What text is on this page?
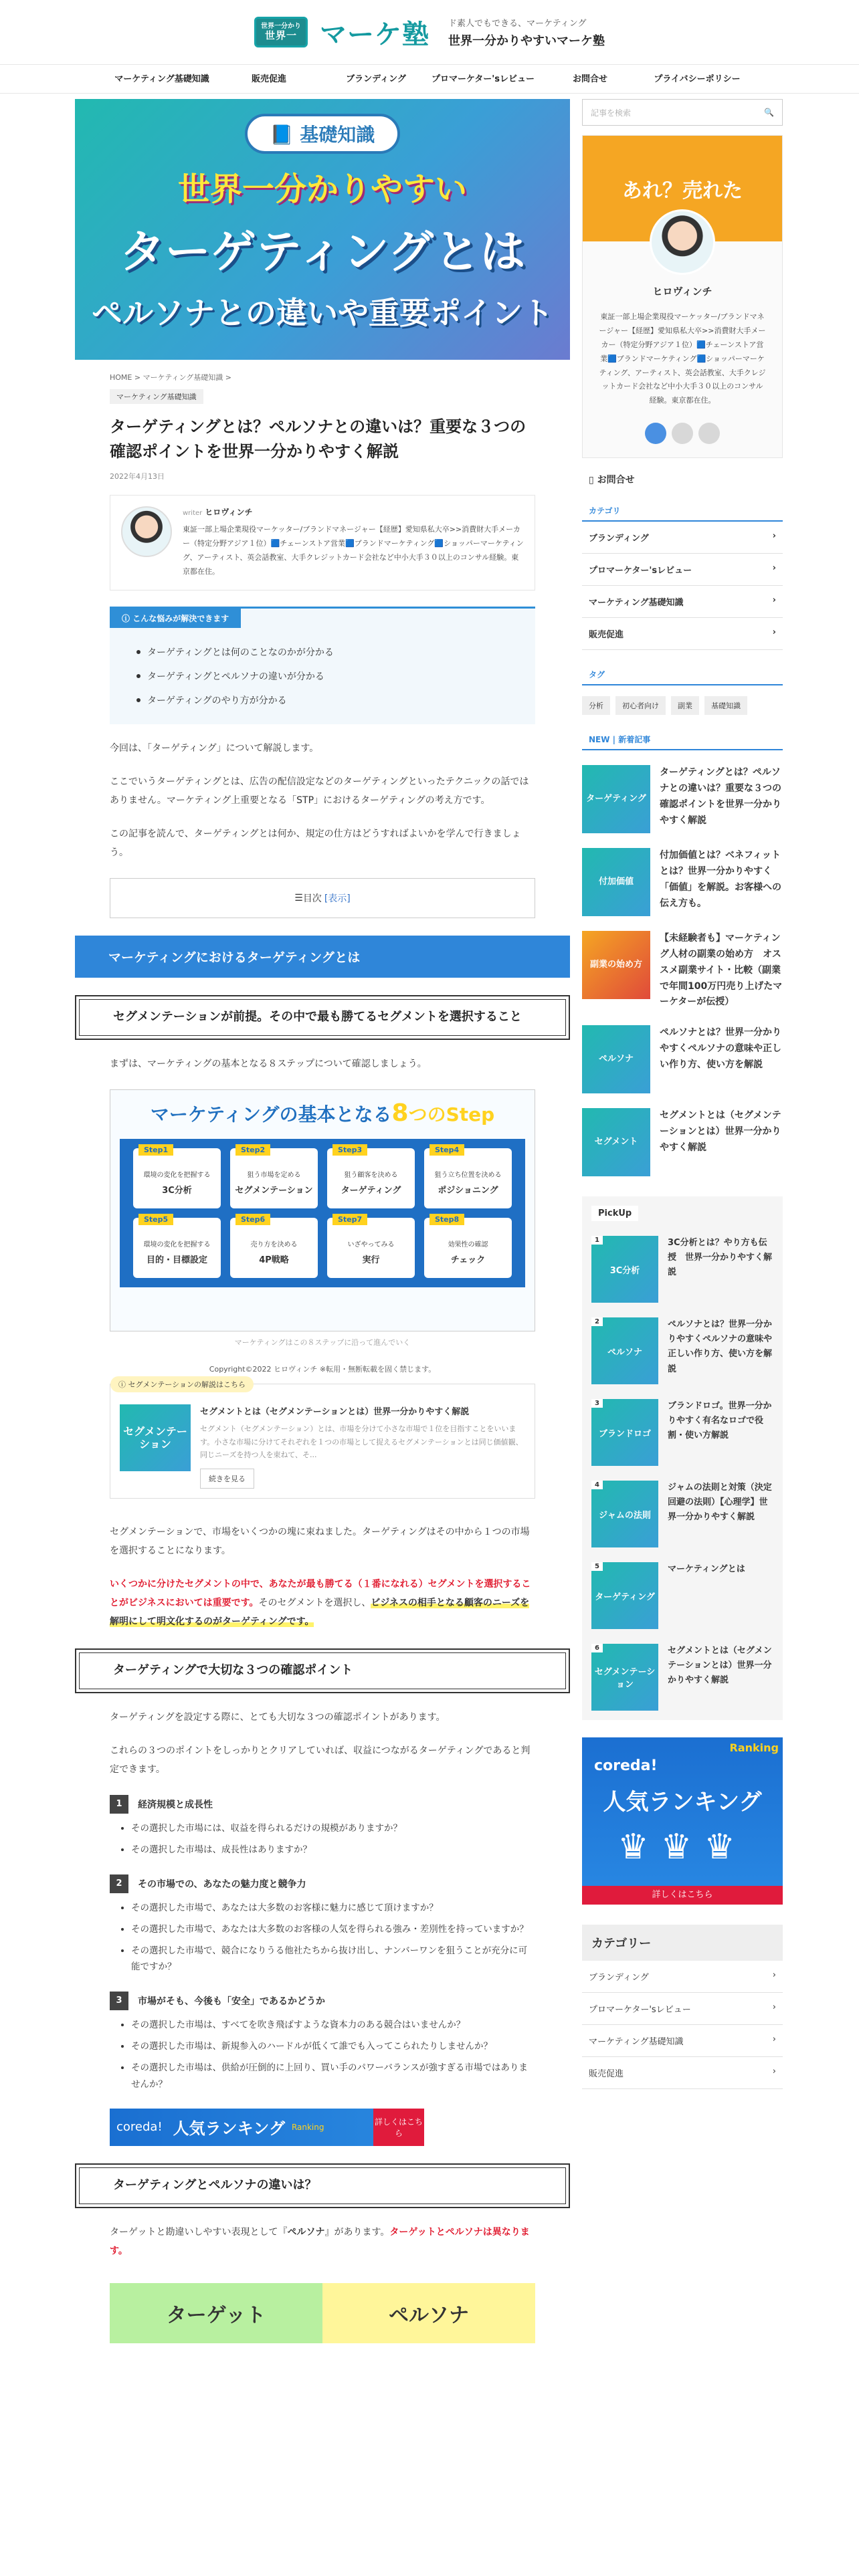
世界一分かり
世界一 マーケ塾 ド素人でもできる、マーケティング
世界一分かりやすいマーケ塾
マーケティング基礎知識	販売促進	ブランディング	プロマーケター'sレビュー	お問合せ	プライバシーポリシー
📘 基礎知識
世界一分かりやすい
ターゲティングとは
ペルソナとの違いや重要ポイント
HOME > マーケティング基礎知識 >
マーケティング基礎知識
ターゲティングとは？ペルソナとの違いは？重要な３つの確認ポイントを世界一分かりやすく解説
2022年4月13日
writer ヒロヴィンチ
東証一部上場企業現役マーケッター/ブランドマネージャー【経歴】愛知県私大卒>>消費財大手メーカー（特定分野アジア１位）🟦チェーンストア営業🟦ブランドマーケティング🟦ショッパーマーケティング、アーティスト、英会話教室、大手クレジットカード会社など中小大手３０以上のコンサル経験。東京都在住。
ⓘ こんな悩みが解決できます
ターゲティングとは何のことなのかが分かる
ターゲティングとペルソナの違いが分かる
ターゲティングのやり方が分かる

今回は、「ターゲティング」について解説します。

ここでいうターゲティングとは、広告の配信設定などのターゲティングといったテクニックの話ではありません。マーケティング上重要となる「STP」におけるターゲティングの考え方です。

この記事を読んで、ターゲティングとは何か、規定の仕方はどうすればよいかを学んで行きましょう。

☰ 目次 [表示]
マーケティングにおけるターゲティングとは
セグメンテーションが前提。その中で最も勝てるセグメントを選択すること

まずは、マーケティングの基本となる８ステップについて確認しましょう。

マーケティングの基本となる8つのStep
Step1
環境の変化を把握する
3C分析
Step2
狙う市場を定める
セグメンテーション
Step3
狙う顧客を決める
ターゲティング
Step4
狙う立ち位置を決める
ポジショニング
Step5
環境の変化を把握する
目的・目標設定
Step6
売り方を決める
4P戦略
Step7
いざやってみる
実行
Step8
効果性の確認
チェック
マーケティングはこの８ステップに沿って進んでいく
Copyright©2022 ヒロヴィンチ ※転用・無断転載を固く禁じます。
ⓘ セグメンテーションの解説はこちら
セグメンテーション
セグメントとは（セグメンテーションとは）世界一分かりやすく解説
セグメント（セグメンテーション）とは、市場を分けて小さな市場で１位を目指すことをいいます。小さな市場に分けてそれぞれを１つの市場として捉えるセグメンテーションとは同じ価値観、同じニーズを持つ人を束ねて、そ...
続きを見る

セグメンテーションで、市場をいくつかの塊に束ねました。ターゲティングはその中から１つの市場を選択することになります。

いくつかに分けたセグメントの中で、あなたが最も勝てる（１番になれる）セグメントを選択することがビジネスにおいては重要です。そのセグメントを選択し、ビジネスの相手となる顧客のニーズを解明にして明文化するのがターゲティングです。

ターゲティングで大切な３つの確認ポイント

ターゲティングを設定する際に、とても大切な３つの確認ポイントがあります。

これらの３つのポイントをしっかりとクリアしていれば、収益につながるターゲティングであると判定できます。

1	経済規模と成長性
• その選択した市場には、収益を得られるだけの規模がありますか？
• その選択した市場は、成長性はありますか？
2	その市場での、あなたの魅力度と競争力
• その選択した市場で、あなたは大多数のお客様に魅力に感じて頂けますか？
• その選択した市場で、あなたは大多数のお客様の人気を得られる強み・差別性を持っていますか？
• その選択した市場で、競合になりうる他社たちから抜け出し、ナンバーワンを狙うことが充分に可能ですか？
3	市場がそも、今後も「安全」であるかどうか
• その選択した市場は、すべてを吹き飛ばすような資本力のある競合はいませんか？
• その選択した市場は、新規参入のハードルが低くて誰でも入ってこられたりしませんか？
• その選択した市場は、供給が圧倒的に上回り、買い手のパワーバランスが強すぎる市場ではありませんか？
coreda! 人気ランキング Ranking
詳しくはこちら
ターゲティングとペルソナの違いは？

ターゲットと勘違いしやすい表現として『ペルソナ』があります。ターゲットとペルソナは異なります。

ターゲット	ペルソナ
記事を検索	🔍
あれ？売れた
ヒロヴィンチ
東証一部上場企業現役マーケッター/ブランドマネージャー【経歴】愛知県私大卒>>消費財大手メーカー（特定分野アジア１位）🟦チェーンストア営業🟦ブランドマーケティング🟦ショッパーマーケティング、アーティスト、英会話教室、大手クレジットカード会社など中小大手３０以上のコンサル経験。東京都在住。
▯ お問合せ
カテゴリ
ブランディング	›
プロマーケター'sレビュー	›
マーケティング基礎知識	›
販売促進	›
タグ
分析	初心者向け	副業	基礎知識
NEW | 新着記事
ターゲティング
ターゲティングとは？ペルソナとの違いは？重要な３つの確認ポイントを世界一分かりやすく解説
付加価値
付加価値とは？ベネフィットとは？世界一分かりやすく「価値」を解説。お客様への伝え方も。
副業の始め方
【未経験者も】マーケティング人材の副業の始め方　オススメ副業サイト・比較（副業で年間100万円売り上げたマーケターが伝授）
ペルソナ
ペルソナとは？世界一分かりやすくペルソナの意味や正しい作り方、使い方を解説
セグメント
セグメントとは（セグメンテーションとは）世界一分かりやすく解説
PickUp
1
3C分析
3C分析とは？やり方も伝授　世界一分かりやすく解説
2
ペルソナ
ペルソナとは？世界一分かりやすくペルソナの意味や正しい作り方、使い方を解説
3
ブランドロゴ
ブランドロゴ。世界一分かりやすく有名なロゴで役割・使い方解説
4
ジャムの法則
ジャムの法則と対策（決定回避の法則）【心理学】世界一分かりやすく解説
5
ターゲティング
マーケティングとは
6
セグメンテーション
セグメントとは（セグメンテーションとは）世界一分かりやすく解説
Ranking
coreda!
人気ランキング
♛♛♛
詳しくはこちら
カテゴリー
ブランディング	›
プロマーケター'sレビュー	›
マーケティング基礎知識	›
販売促進	›
